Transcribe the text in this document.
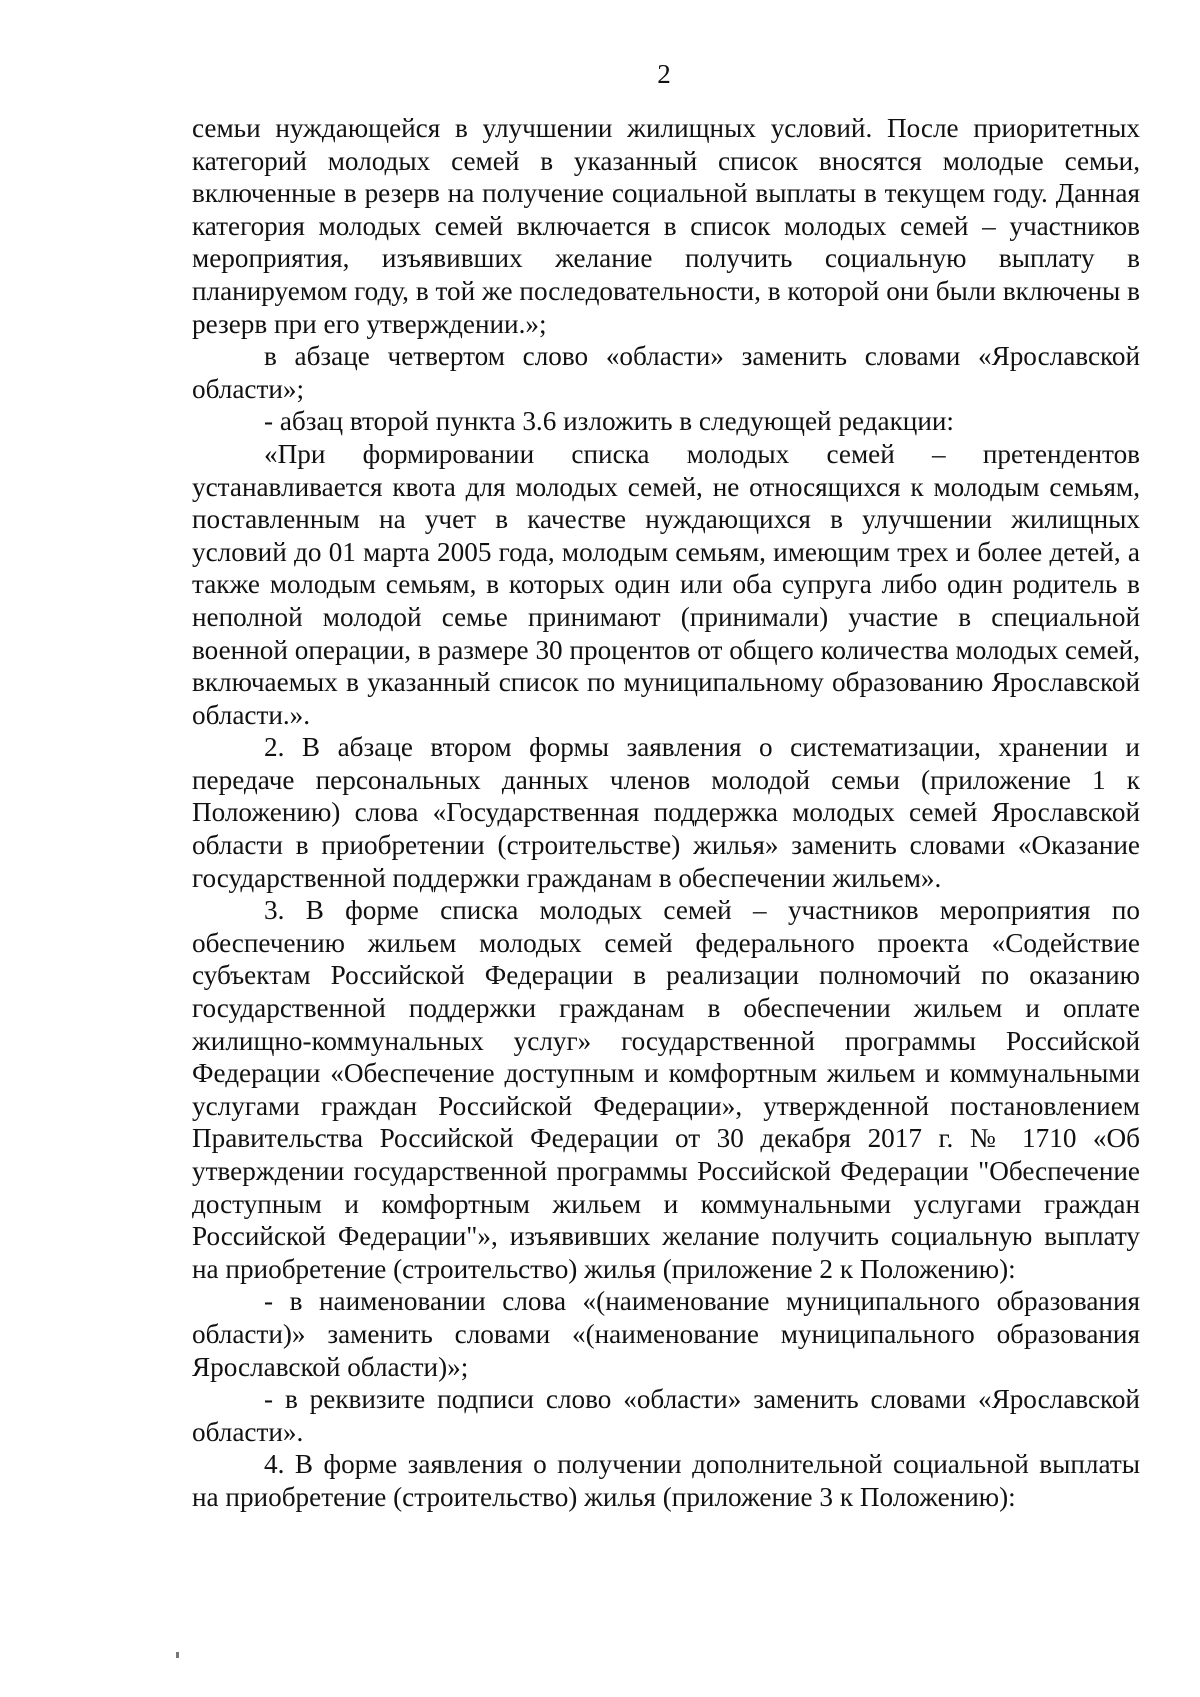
2

семьи нуждающейся в улучшении жилищных условий. После приоритетных категорий молодых семей в указанный список вносятся молодые семьи, включенные в резерв на получение социальной выплаты в текущем году. Данная категория молодых семей включается в список молодых семей – участников мероприятия, изъявивших желание получить социальную выплату в планируемом году, в той же последовательности, в которой они были включены в резерв при его утверждении.»;

в абзаце четвертом слово «области» заменить словами «Ярославской области»;

- абзац второй пункта 3.6 изложить в следующей редакции:

«При формировании списка молодых семей – претендентов устанавливается квота для молодых семей, не относящихся к молодым семьям, поставленным на учет в качестве нуждающихся в улучшении жилищных условий до 01 марта 2005 года, молодым семьям, имеющим трех и более детей, а также молодым семьям, в которых один или оба супруга либо один родитель в неполной молодой семье принимают (принимали) участие в специальной военной операции, в размере 30 процентов от общего количества молодых семей, включаемых в указанный список по муниципальному образованию Ярославской области.».

2. В абзаце втором формы заявления о систематизации, хранении и передаче персональных данных членов молодой семьи (приложение 1 к Положению) слова «Государственная поддержка молодых семей Ярославской области в приобретении (строительстве) жилья» заменить словами «Оказание государственной поддержки гражданам в обеспечении жильем».

3. В форме списка молодых семей – участников мероприятия по обеспечению жильем молодых семей федерального проекта «Содействие субъектам Российской Федерации в реализации полномочий по оказанию государственной поддержки гражданам в обеспечении жильем и оплате жилищно-коммунальных услуг» государственной программы Российской Федерации «Обеспечение доступным и комфортным жильем и коммунальными услугами граждан Российской Федерации», утвержденной постановлением Правительства Российской Федерации от 30 декабря 2017 г. № 1710 «Об утверждении государственной программы Российской Федерации "Обеспечение доступным и комфортным жильем и коммунальными услугами граждан Российской Федерации"», изъявивших желание получить социальную выплату на приобретение (строительство) жилья (приложение 2 к Положению):

- в наименовании слова «(наименование муниципального образования области)» заменить словами «(наименование муниципального образования Ярославской области)»;

- в реквизите подписи слово «области» заменить словами «Ярославской области».

4. В форме заявления о получении дополнительной социальной выплаты на приобретение (строительство) жилья (приложение 3 к Положению):
